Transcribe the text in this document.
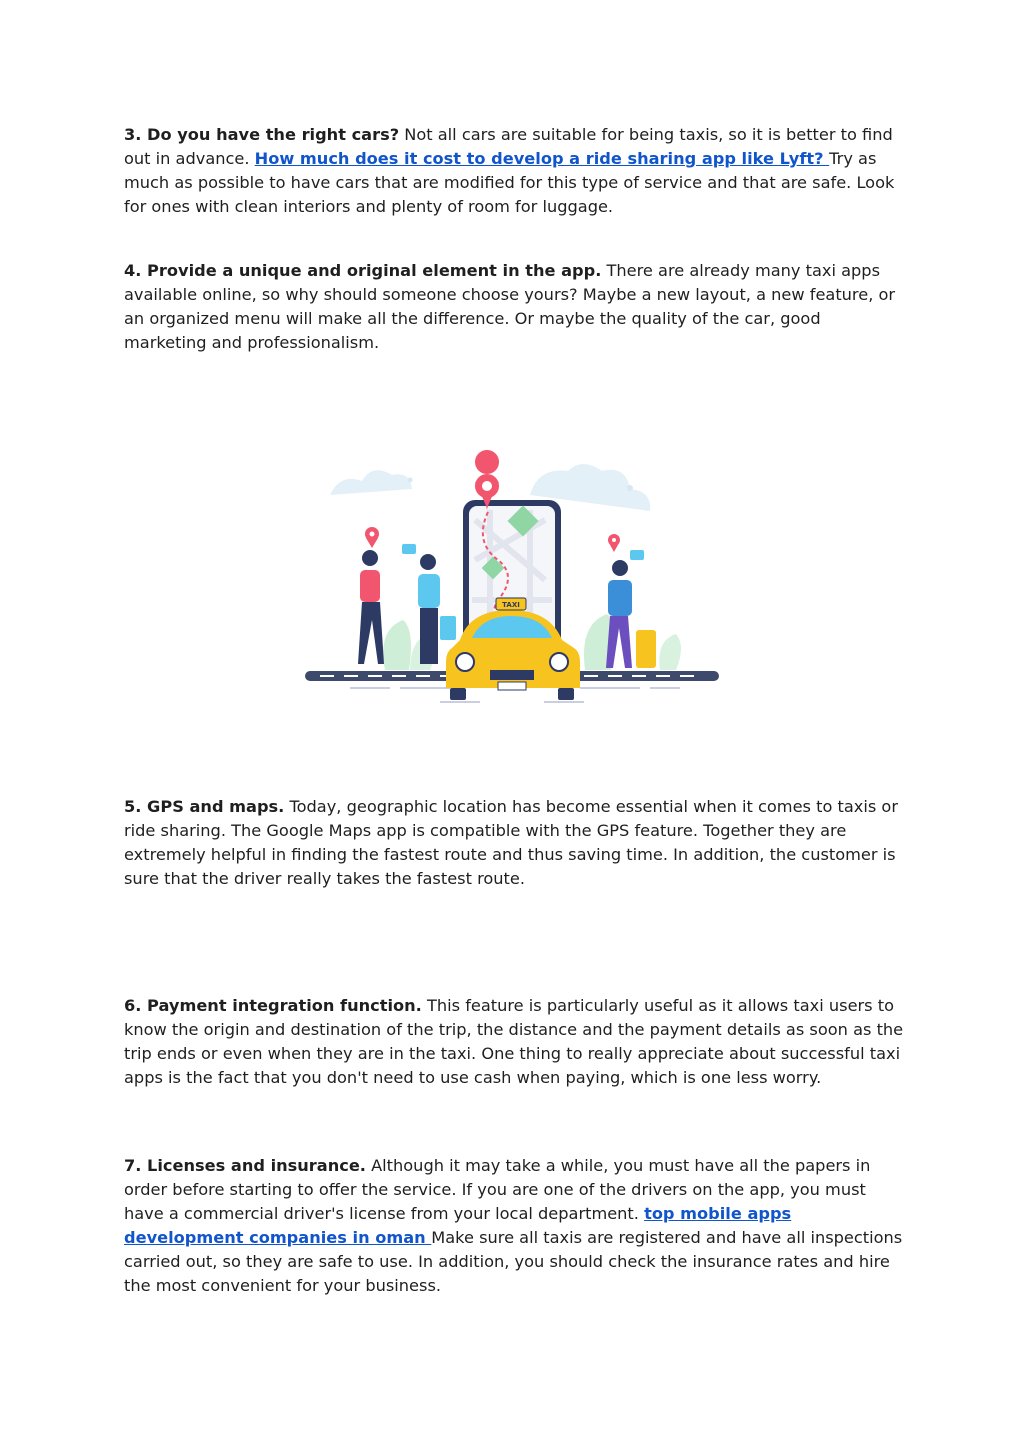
3. Do you have the right cars? Not all cars are suitable for being taxis, so it is better to find out in advance. How much does it cost to develop a ride sharing app like Lyft? Try as much as possible to have cars that are modified for this type of service and that are safe. Look for ones with clean interiors and plenty of room for luggage.

4. Provide a unique and original element in the app. There are already many taxi apps available online, so why should someone choose yours? Maybe a new layout, a new feature, or an organized menu will make all the difference. Or maybe the quality of the car, good marketing and professionalism.

TAXI

5. GPS and maps. Today, geographic location has become essential when it comes to taxis or ride sharing. The Google Maps app is compatible with the GPS feature. Together they are extremely helpful in finding the fastest route and thus saving time. In addition, the customer is sure that the driver really takes the fastest route.

6. Payment integration function. This feature is particularly useful as it allows taxi users to know the origin and destination of the trip, the distance and the payment details as soon as the trip ends or even when they are in the taxi. One thing to really appreciate about successful taxi apps is the fact that you don't need to use cash when paying, which is one less worry.

7. Licenses and insurance. Although it may take a while, you must have all the papers in order before starting to offer the service. If you are one of the drivers on the app, you must have a commercial driver's license from your local department. top mobile apps development companies in oman Make sure all taxis are registered and have all inspections carried out, so they are safe to use. In addition, you should check the insurance rates and hire the most convenient for your business.
